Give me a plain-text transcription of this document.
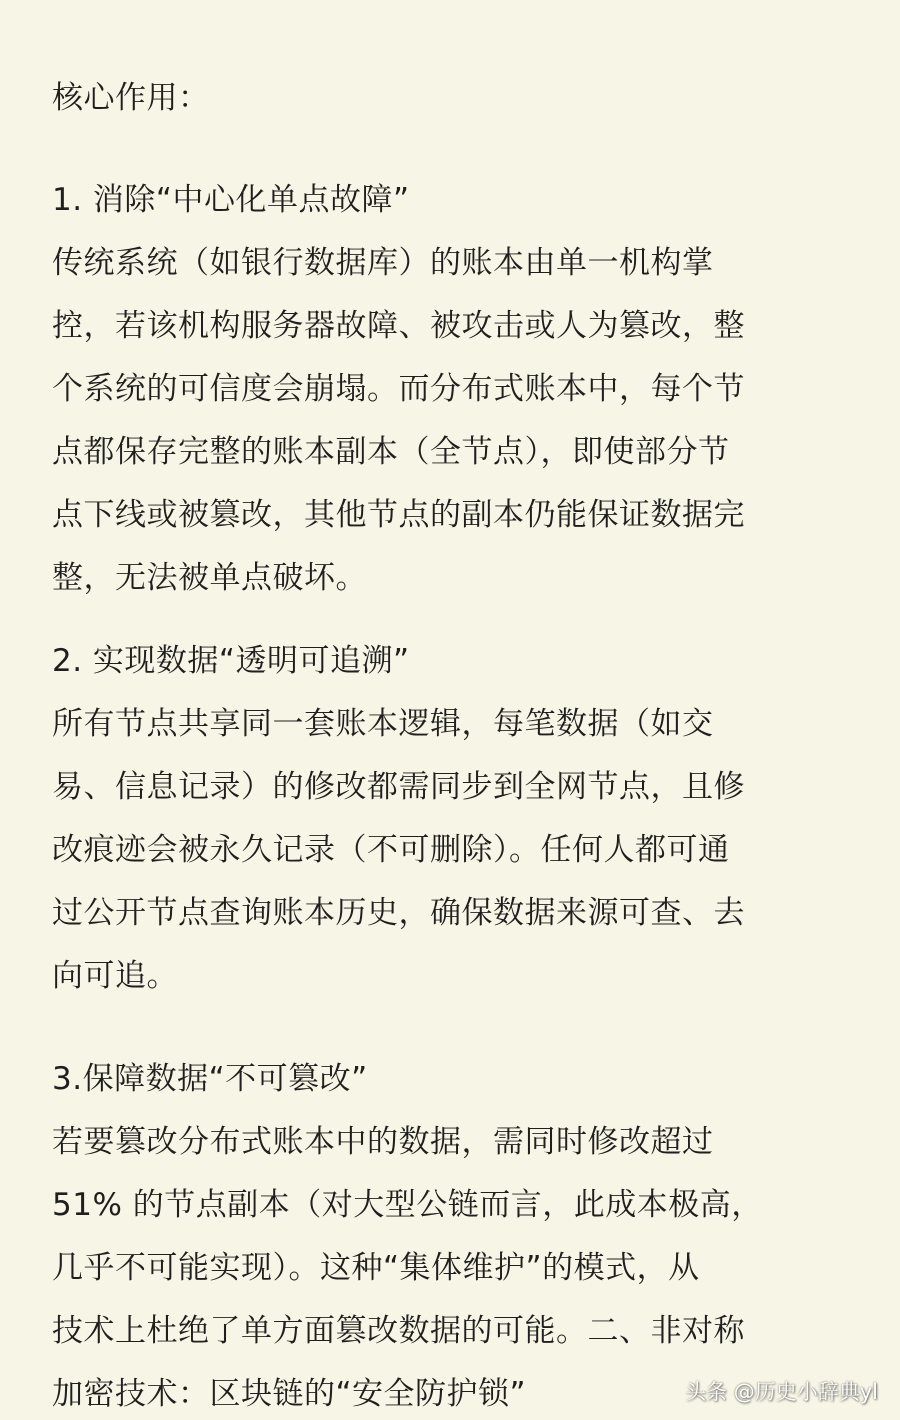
核心作用：
1. 消除“中心化单点故障”
传统系统（如银行数据库）的账本由单一机构掌
控，若该机构服务器故障、被攻击或人为篡改，整
个系统的可信度会崩塌。而分布式账本中，每个节
点都保存完整的账本副本（全节点），即使部分节
点下线或被篡改，其他节点的副本仍能保证数据完
整，无法被单点破坏。
2. 实现数据“透明可追溯”
所有节点共享同一套账本逻辑，每笔数据（如交
易、信息记录）的修改都需同步到全网节点，且修
改痕迹会被永久记录（不可删除）。任何人都可通
过公开节点查询账本历史，确保数据来源可查、去
向可追。
3.保障数据“不可篡改”
若要篡改分布式账本中的数据，需同时修改超过
51% 的节点副本（对大型公链而言，此成本极高，
几乎不可能实现）。这种“集体维护”的模式，从
技术上杜绝了单方面篡改数据的可能。二、非对称
加密技术：区块链的“安全防护锁”	头条 @历史小辞典yl
